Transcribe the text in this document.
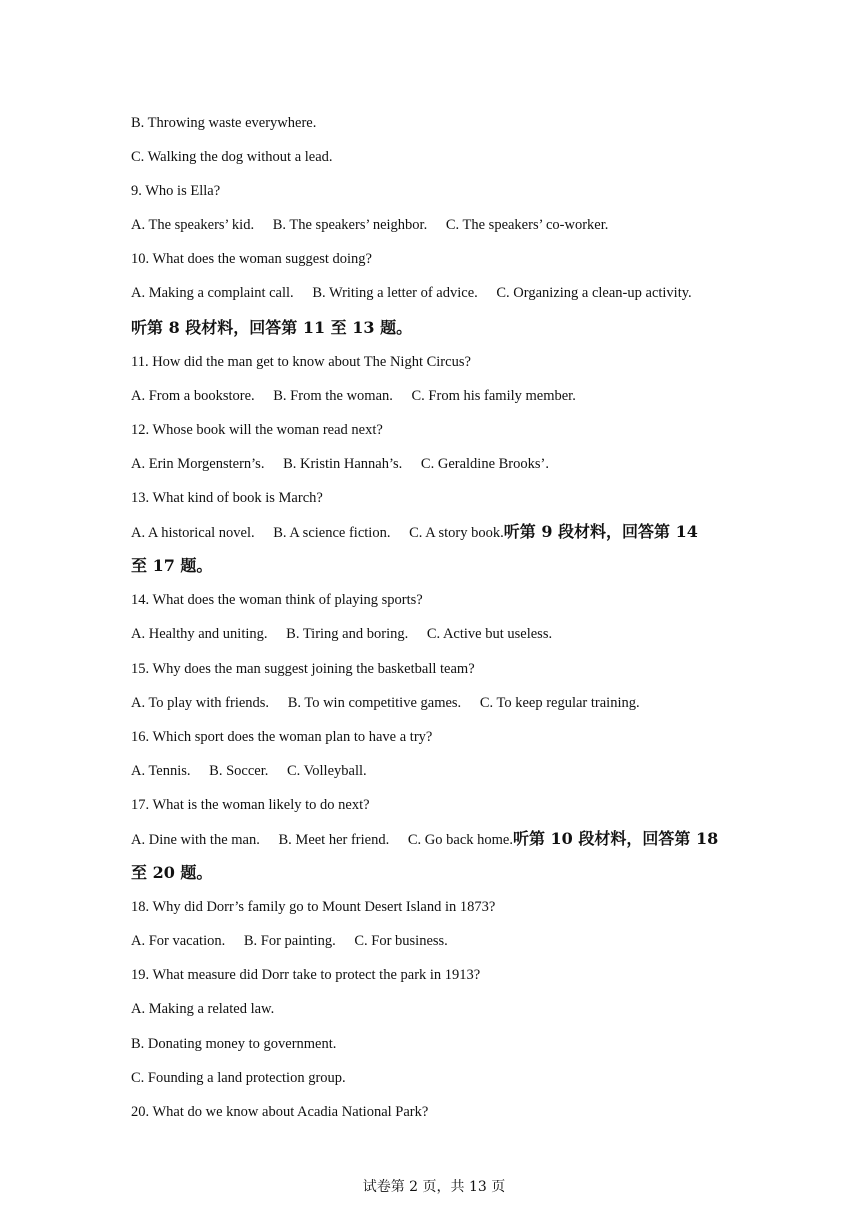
B. Throwing waste everywhere.
C. Walking the dog without a lead.
9. Who is Ella?
A. The speakers’ kid. B. The speakers’ neighbor. C. The speakers’ co-worker.
10. What does the woman suggest doing?
A. Making a complaint call. B. Writing a letter of advice. C. Organizing a clean-up activity.
听第 8 段材料，回答第 11 至 13 题。
11. How did the man get to know about The Night Circus?
A. From a bookstore. B. From the woman. C. From his family member.
12. Whose book will the woman read next?
A. Erin Morgenstern’s. B. Kristin Hannah’s. C. Geraldine Brooks’.
13. What kind of book is March?
A. A historical novel. B. A science fiction. C. A story book.听第 9 段材料，回答第 14
至 17 题。
14. What does the woman think of playing sports?
A. Healthy and uniting. B. Tiring and boring. C. Active but useless.
15. Why does the man suggest joining the basketball team?
A. To play with friends. B. To win competitive games. C. To keep regular training.
16. Which sport does the woman plan to have a try?
A. Tennis. B. Soccer. C. Volleyball.
17. What is the woman likely to do next?
A. Dine with the man. B. Meet her friend. C. Go back home.听第 10 段材料，回答第 18
至 20 题。
18. Why did Dorr’s family go to Mount Desert Island in 1873?
A. For vacation. B. For painting. C. For business.
19. What measure did Dorr take to protect the park in 1913?
A. Making a related law.
B. Donating money to government.
C. Founding a land protection group.
20. What do we know about Acadia National Park?
试卷第 2 页，共 13 页
